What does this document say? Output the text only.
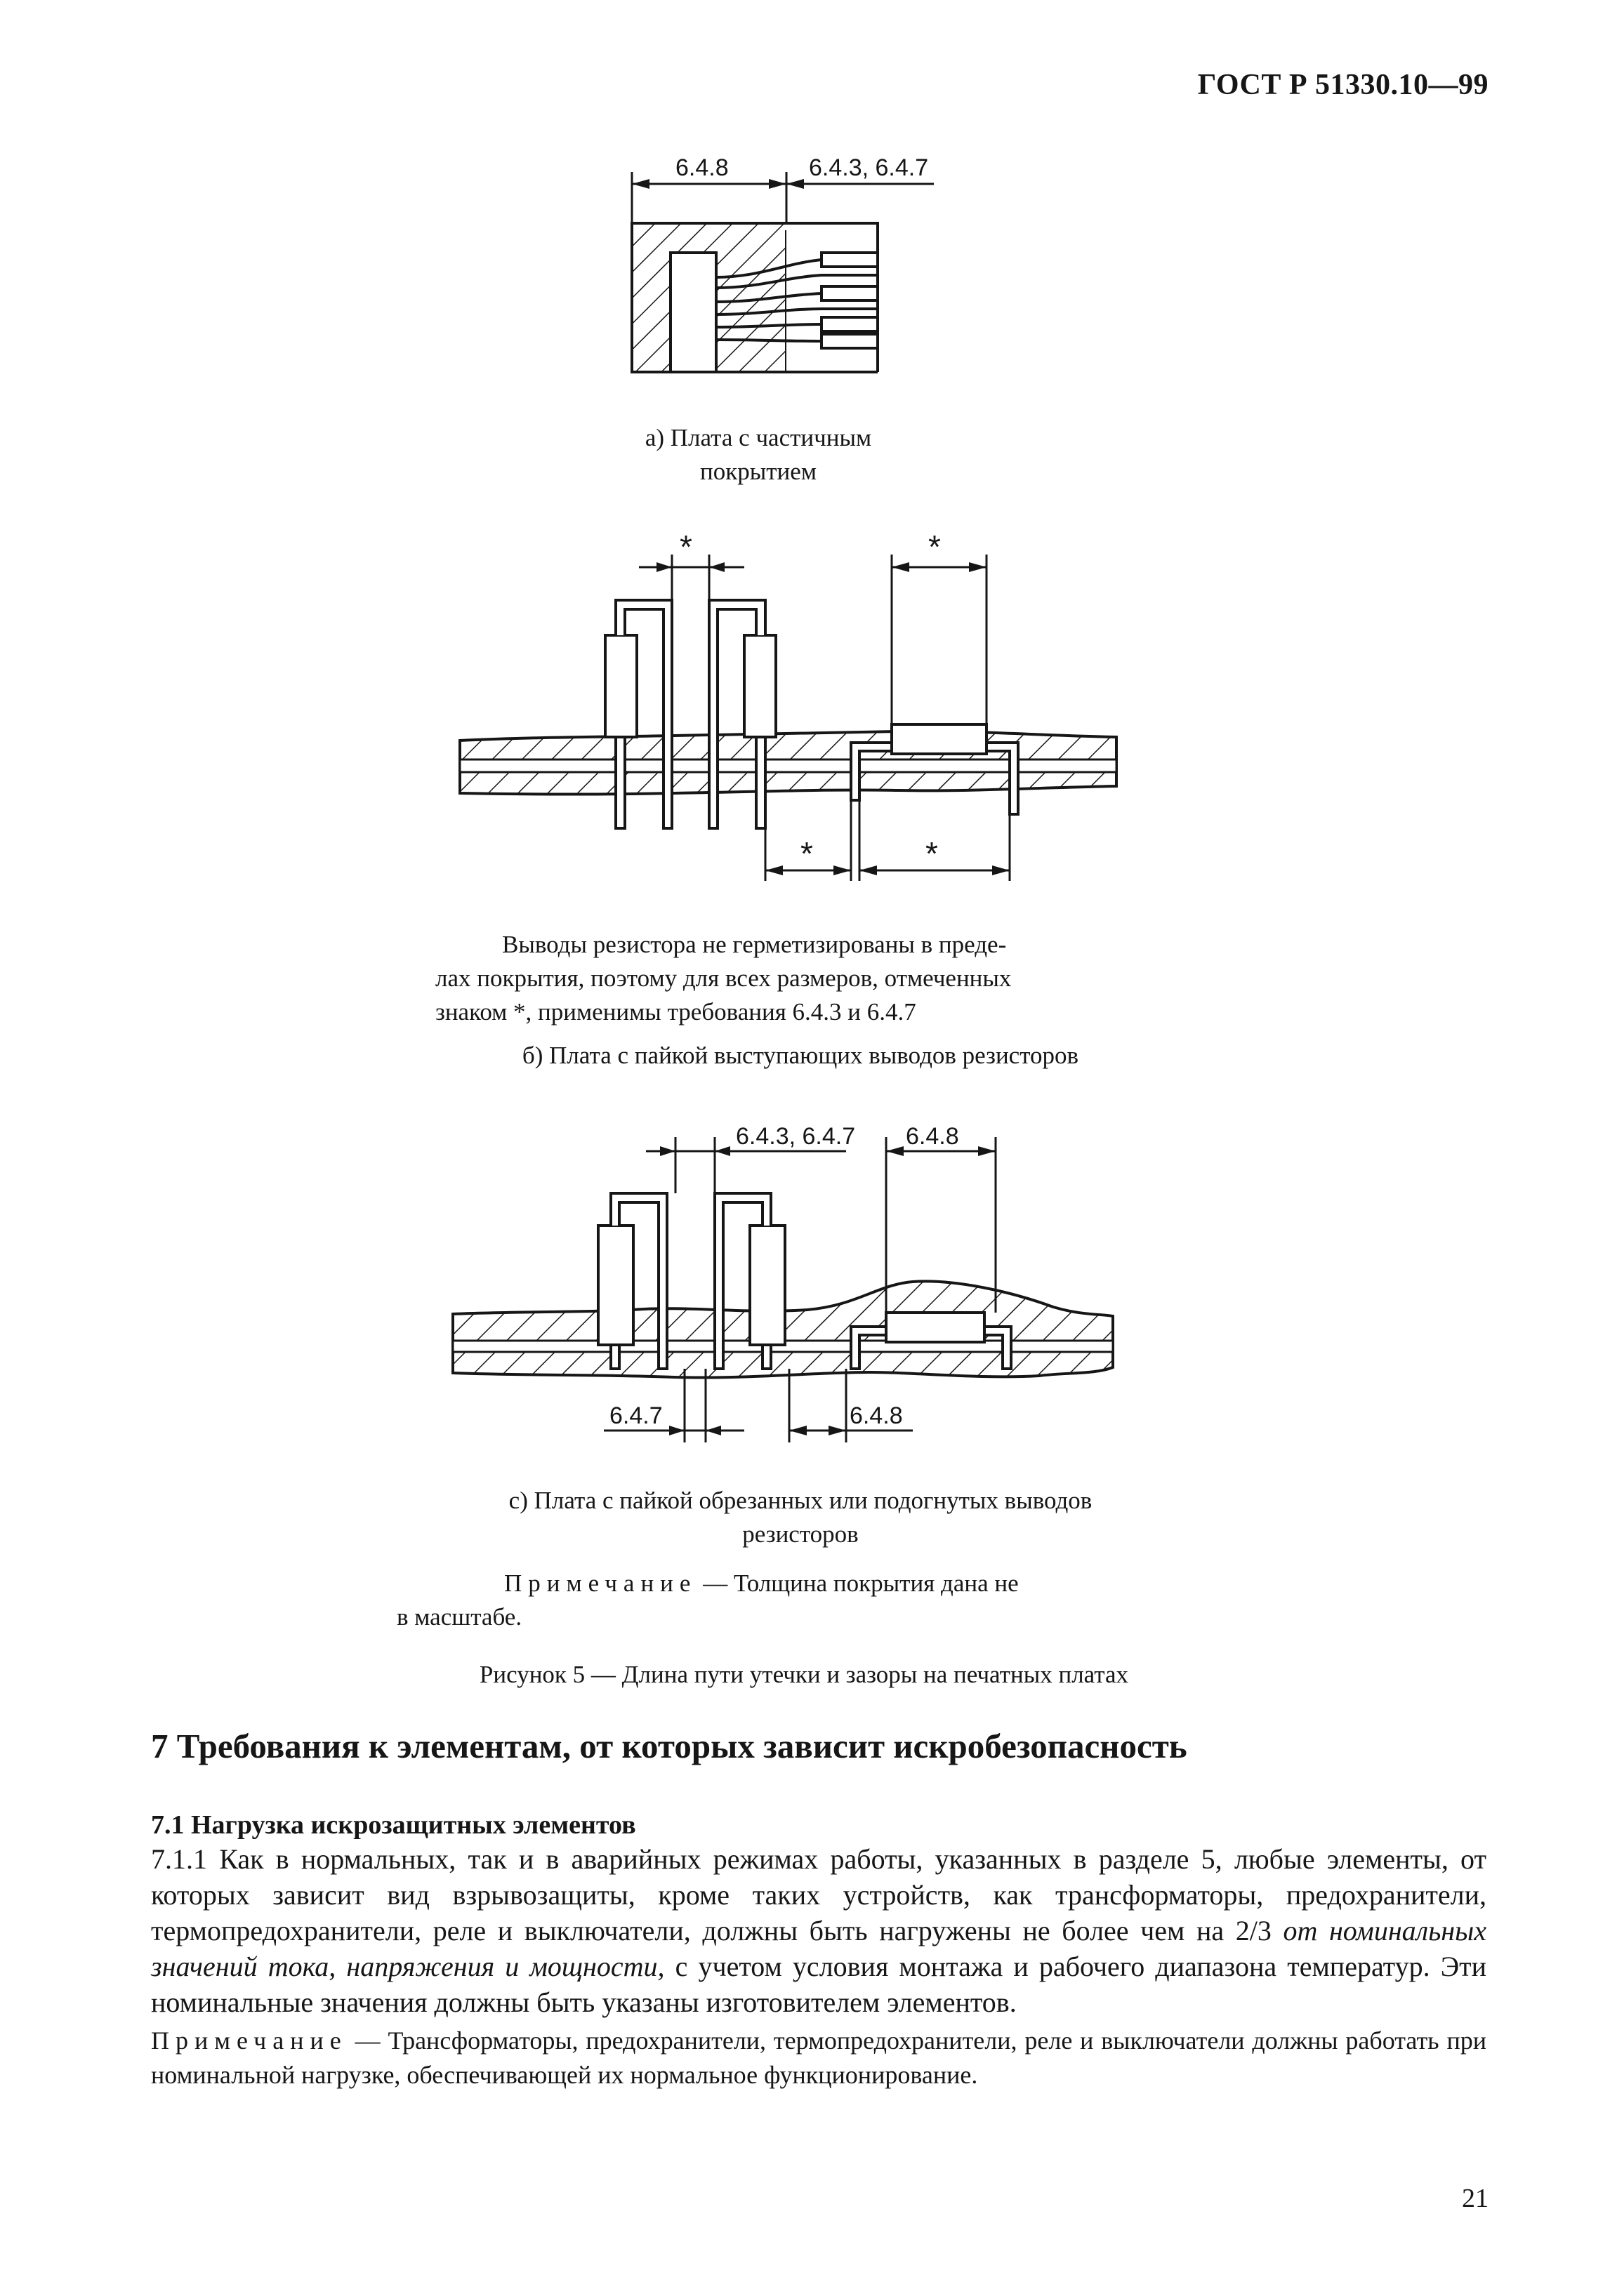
ГОСТ Р 51330.10—99
6.4.8	6.4.3, 6.4.7
а) Плата с частичным
покрытием
*	*
*	*
Выводы резистора не герметизированы в преде-
лах покрытия, поэтому для всех размеров, отмеченных
знаком *, применимы требования 6.4.3 и 6.4.7
б) Плата с пайкой выступающих выводов резисторов
6.4.3, 6.4.7 6.4.8
6.4.7	6.4.8
с) Плата с пайкой обрезанных или подогнутых выводов
резисторов
Примечание — Толщина покрытия дана не
в масштабе.
Рисунок 5 — Длина пути утечки и зазоры на печатных платах
7 Требования к элементам, от которых зависит искробезопасность
7.1 Нагрузка искрозащитных элементов
7.1.1 Как в нормальных, так и в аварийных режимах работы, указанных в разделе 5, любые элементы, от которых зависит вид взрывозащиты, кроме таких устройств, как трансформаторы, предохранители, термопредохранители, реле и выключатели, должны быть нагружены не более чем на 2/3 от номинальных значений тока, напряжения и мощности, с учетом условия монтажа и рабочего диапазона температур. Эти номинальные значения должны быть указаны изготовителем элементов.
Примечание — Трансформаторы, предохранители, термопредохранители, реле и выключатели должны работать при номинальной нагрузке, обеспечивающей их нормальное функционирование.
21
